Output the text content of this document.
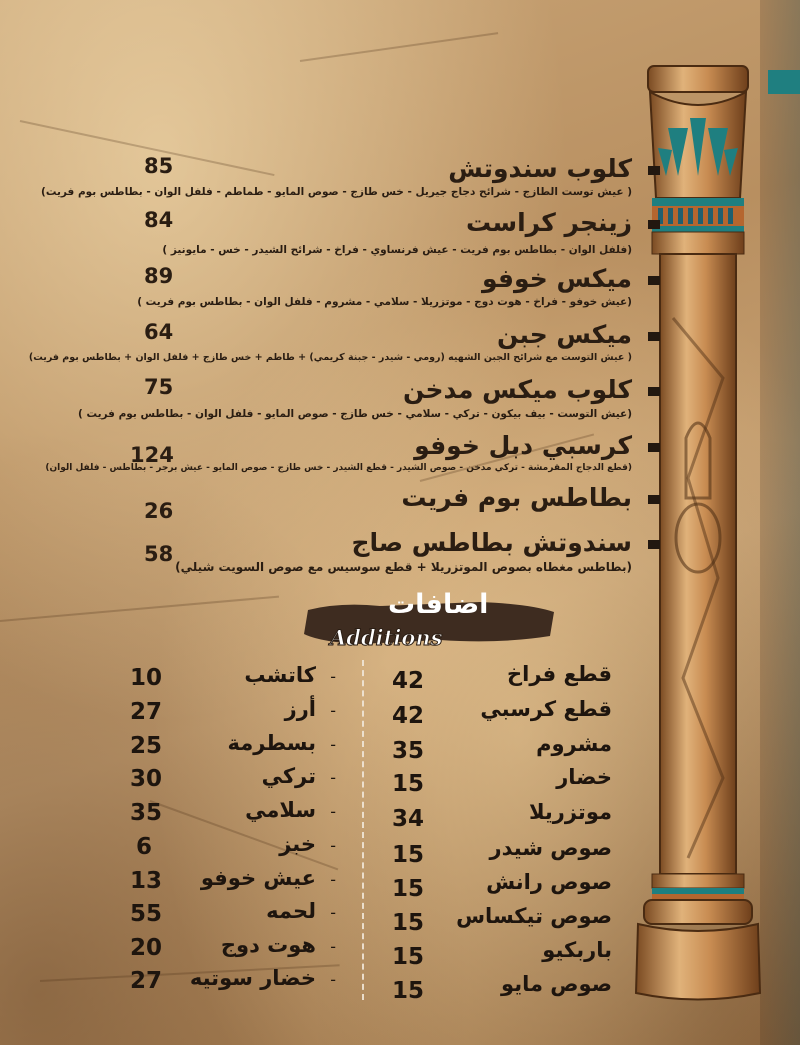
كلوب سندوتش
85
( عيش توست الطازج - شرائح دجاج جيريل - خس طازج - صوص المايو - طماطم - فلفل الوان - بطاطس بوم فريت)
زينجر كراست
84
(فلفل الوان - بطاطس بوم فريت - عيش فرنساوي - فراخ - شرائح الشيدر - خس - مايونيز )
ميكس خوفو
89
(عيش خوفو - فراخ - هوت دوج - موتزريلا - سلامي - مشروم - فلفل الوان - بطاطس بوم فريت )
ميكس جبن
64
( عيش التوست مع شرائح الجبن الشهيه (رومي - شيدر - جبنة كريمي) + طاطم + خس طازج + فلفل الوان + بطاطس بوم فريت)
كلوب ميكس مدخن
75
(عيش التوست - بيف بيكون - تركي - سلامي - خس طازج - صوص المايو - فلفل الوان - بطاطس بوم فريت )
كرسبي دبل خوفو
124
(قطع الدجاج المقرمشة - تركي مدخن - صوص الشيدر - قطع الشيدر - خس طازج - صوص المايو - عيش برجر - بطاطس - فلفل الوان)
بطاطس بوم فريت
26
سندوتش بطاطس صاج
58
(بطاطس مغطاه بصوص الموتزريلا + قطع سوسيس مع صوص السويت شيلي)
اضافات
Additions
قطع فراخ
42
قطع كرسبي
42
مشروم
35
خضار
15
موتزريلا
34
صوص شيدر
15
صوص رانش
15
صوص تيكساس
15
باربكيو
15
صوص مايو
15
كاتشب -
10
أرز -
27
بسطرمة -
25
تركي -
30
سلامي -
35
خبز -
6
عيش خوفو -
13
لحمه -
55
هوت دوج -
20
خضار سوتيه -
27
